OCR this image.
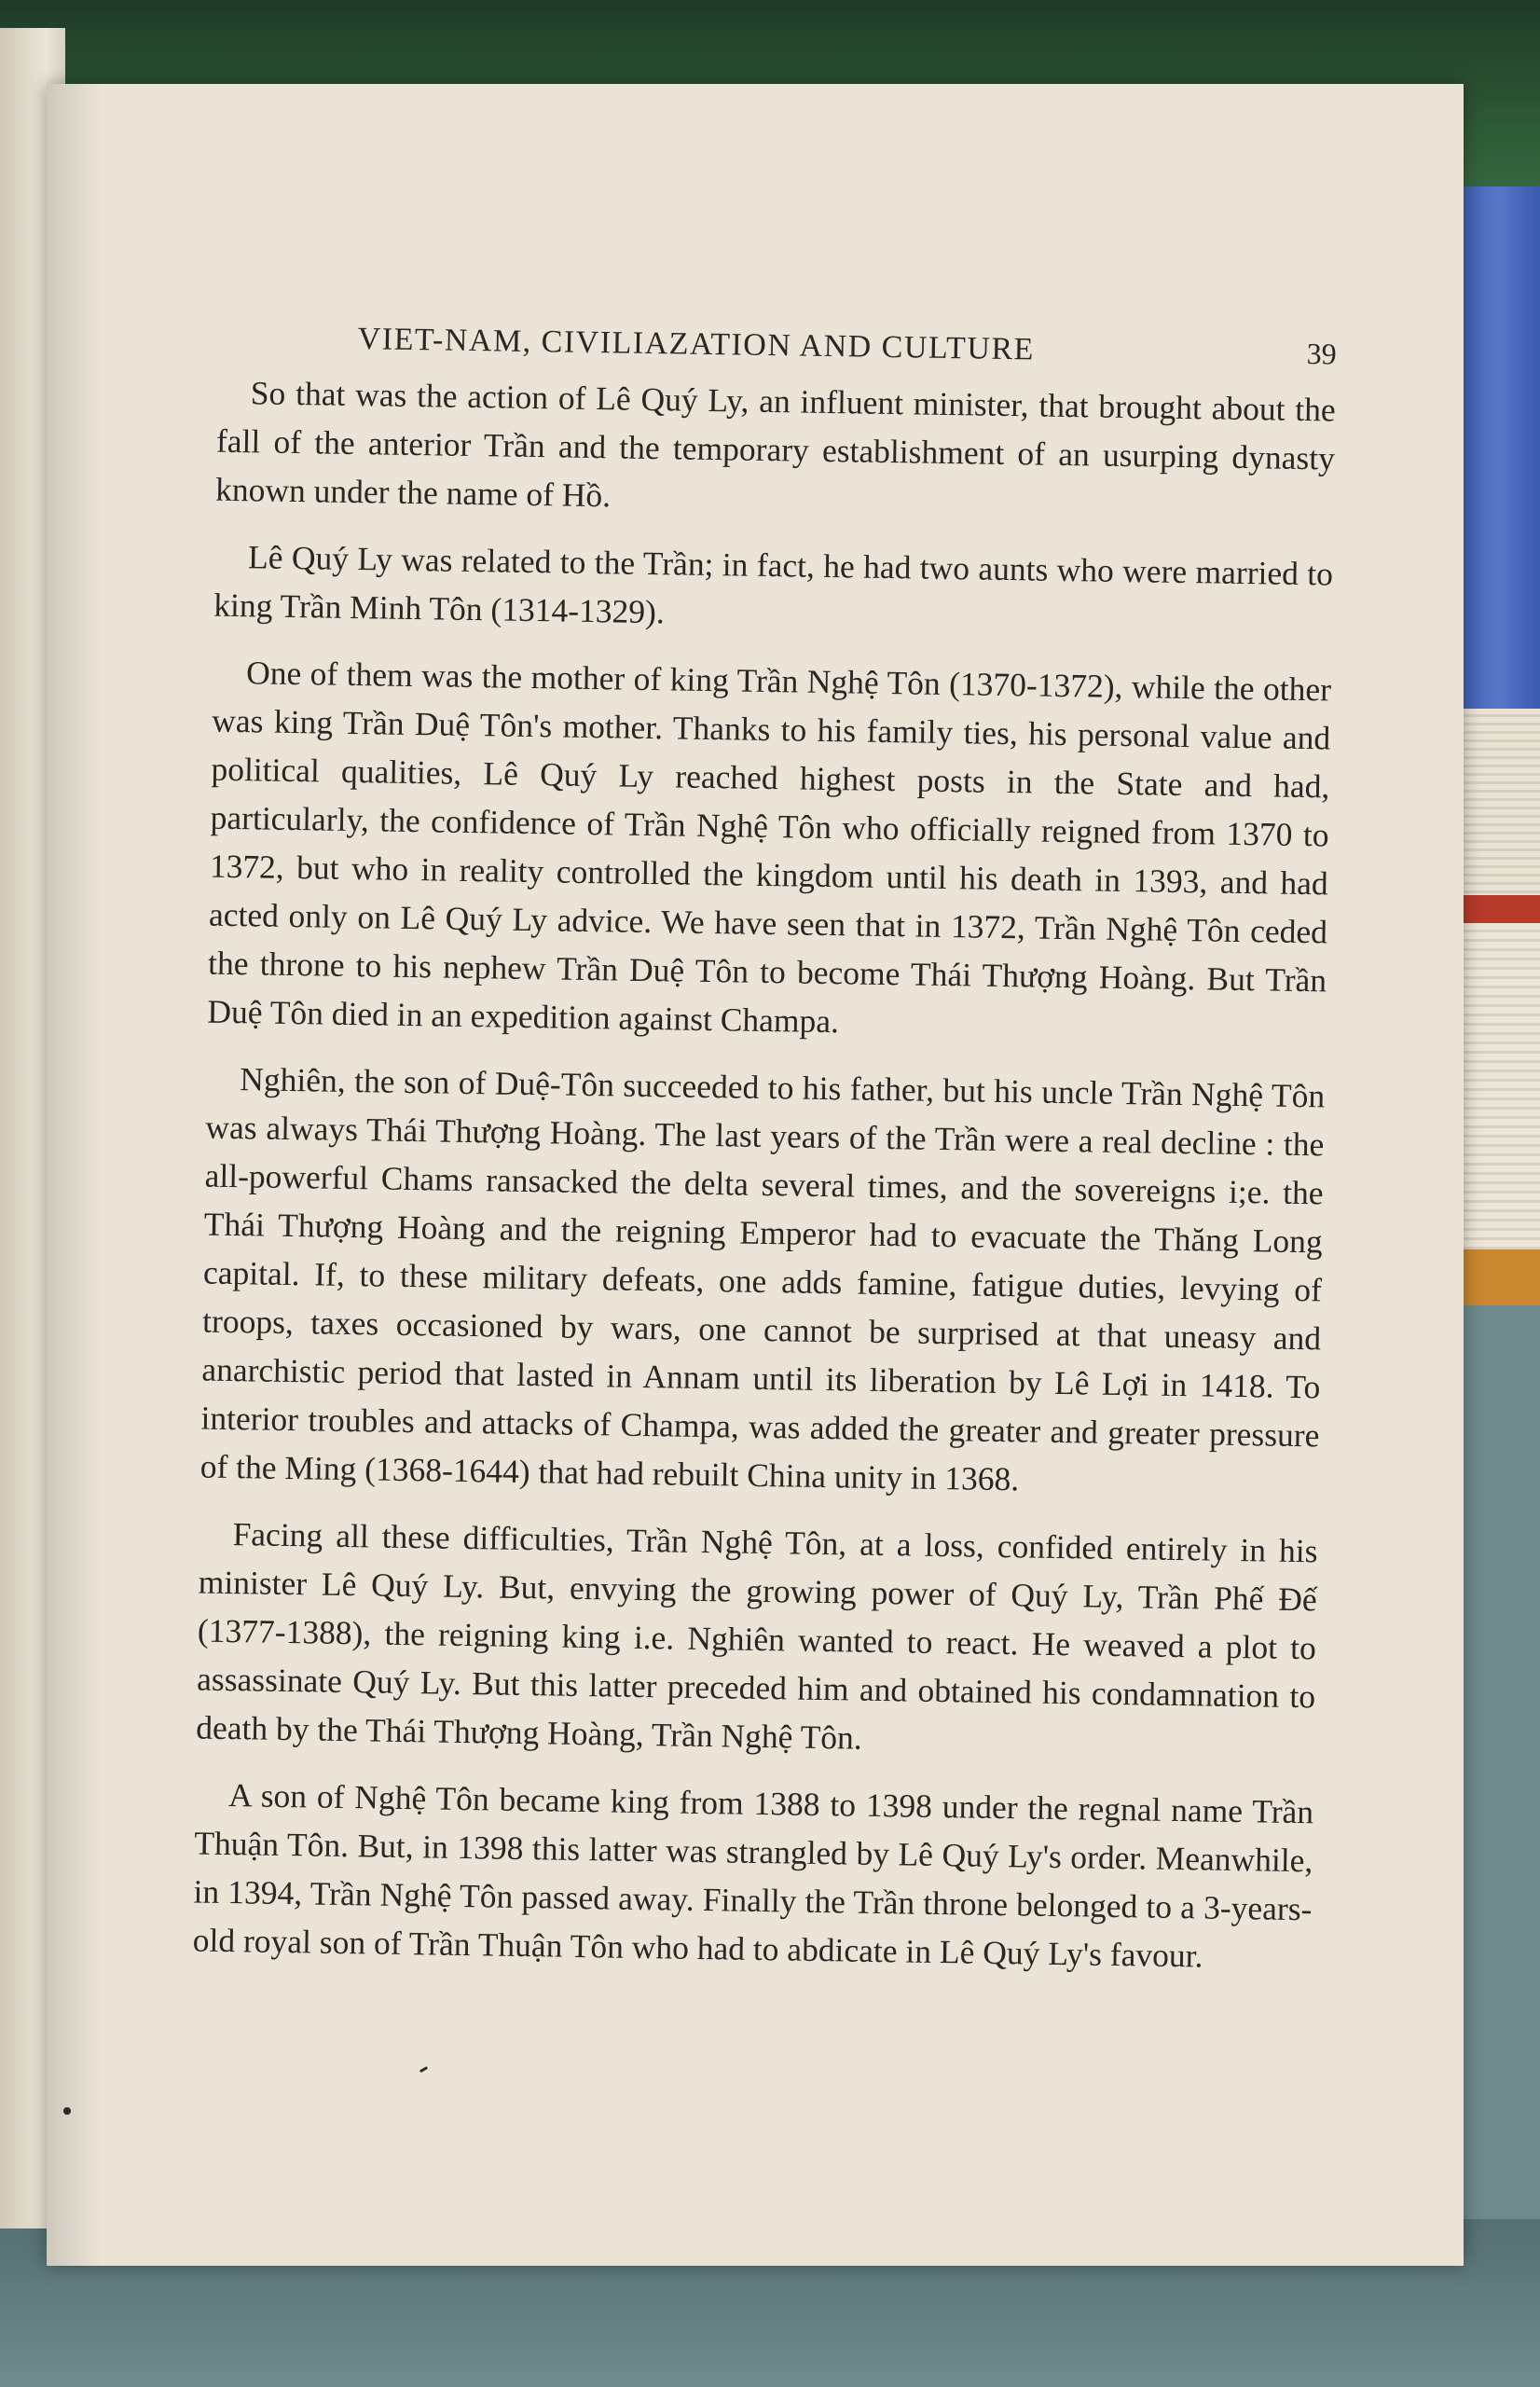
VIET-NAM, CIVILIAZATION AND CULTURE	39

So that was the action of Lê Quý Ly, an influent minister, that brought about the fall of the anterior Trần and the temporary establishment of an usurping dynasty known under the name of Hồ.

Lê Quý Ly was related to the Trần; in fact, he had two aunts who were married to king Trần Minh Tôn (1314-1329).

One of them was the mother of king Trần Nghệ Tôn (1370-1372), while the other was king Trần Duệ Tôn's mother. Thanks to his family ties, his personal value and political qualities, Lê Quý Ly reached highest posts in the State and had, particularly, the confidence of Trần Nghệ Tôn who officially reigned from 1370 to 1372, but who in reality controlled the kingdom until his death in 1393, and had acted only on Lê Quý Ly advice. We have seen that in 1372, Trần Nghệ Tôn ceded the throne to his nephew Trần Duệ Tôn to become Thái Thượng Hoàng. But Trần Duệ Tôn died in an expedition against Champa.

Nghiên, the son of Duệ-Tôn succeeded to his father, but his uncle Trần Nghệ Tôn was always Thái Thượng Hoàng. The last years of the Trần were a real decline : the all-powerful Chams ransacked the delta several times, and the sovereigns i;e. the Thái Thượng Hoàng and the reigning Emperor had to evacuate the Thăng Long capital. If, to these military defeats, one adds famine, fatigue duties, levying of troops, taxes occasioned by wars, one cannot be surprised at that uneasy and anarchistic period that lasted in Annam until its liberation by Lê Lợi in 1418. To interior troubles and attacks of Champa, was added the greater and greater pressure of the Ming (1368-1644) that had rebuilt China unity in 1368.

Facing all these difficulties, Trần Nghệ Tôn, at a loss, confided entirely in his minister Lê Quý Ly. But, envying the growing power of Quý Ly, Trần Phế Đế (1377-1388), the reigning king i.e. Nghiên wanted to react. He weaved a plot to assassinate Quý Ly. But this latter preceded him and obtained his condamnation to death by the Thái Thượng Hoàng, Trần Nghệ Tôn.

A son of Nghệ Tôn became king from 1388 to 1398 under the regnal name Trần Thuận Tôn. But, in 1398 this latter was strangled by Lê Quý Ly's order. Meanwhile, in 1394, Trần Nghệ Tôn passed away. Finally the Trần throne belonged to a 3-years-old royal son of Trần Thuận Tôn who had to abdicate in Lê Quý Ly's favour.
